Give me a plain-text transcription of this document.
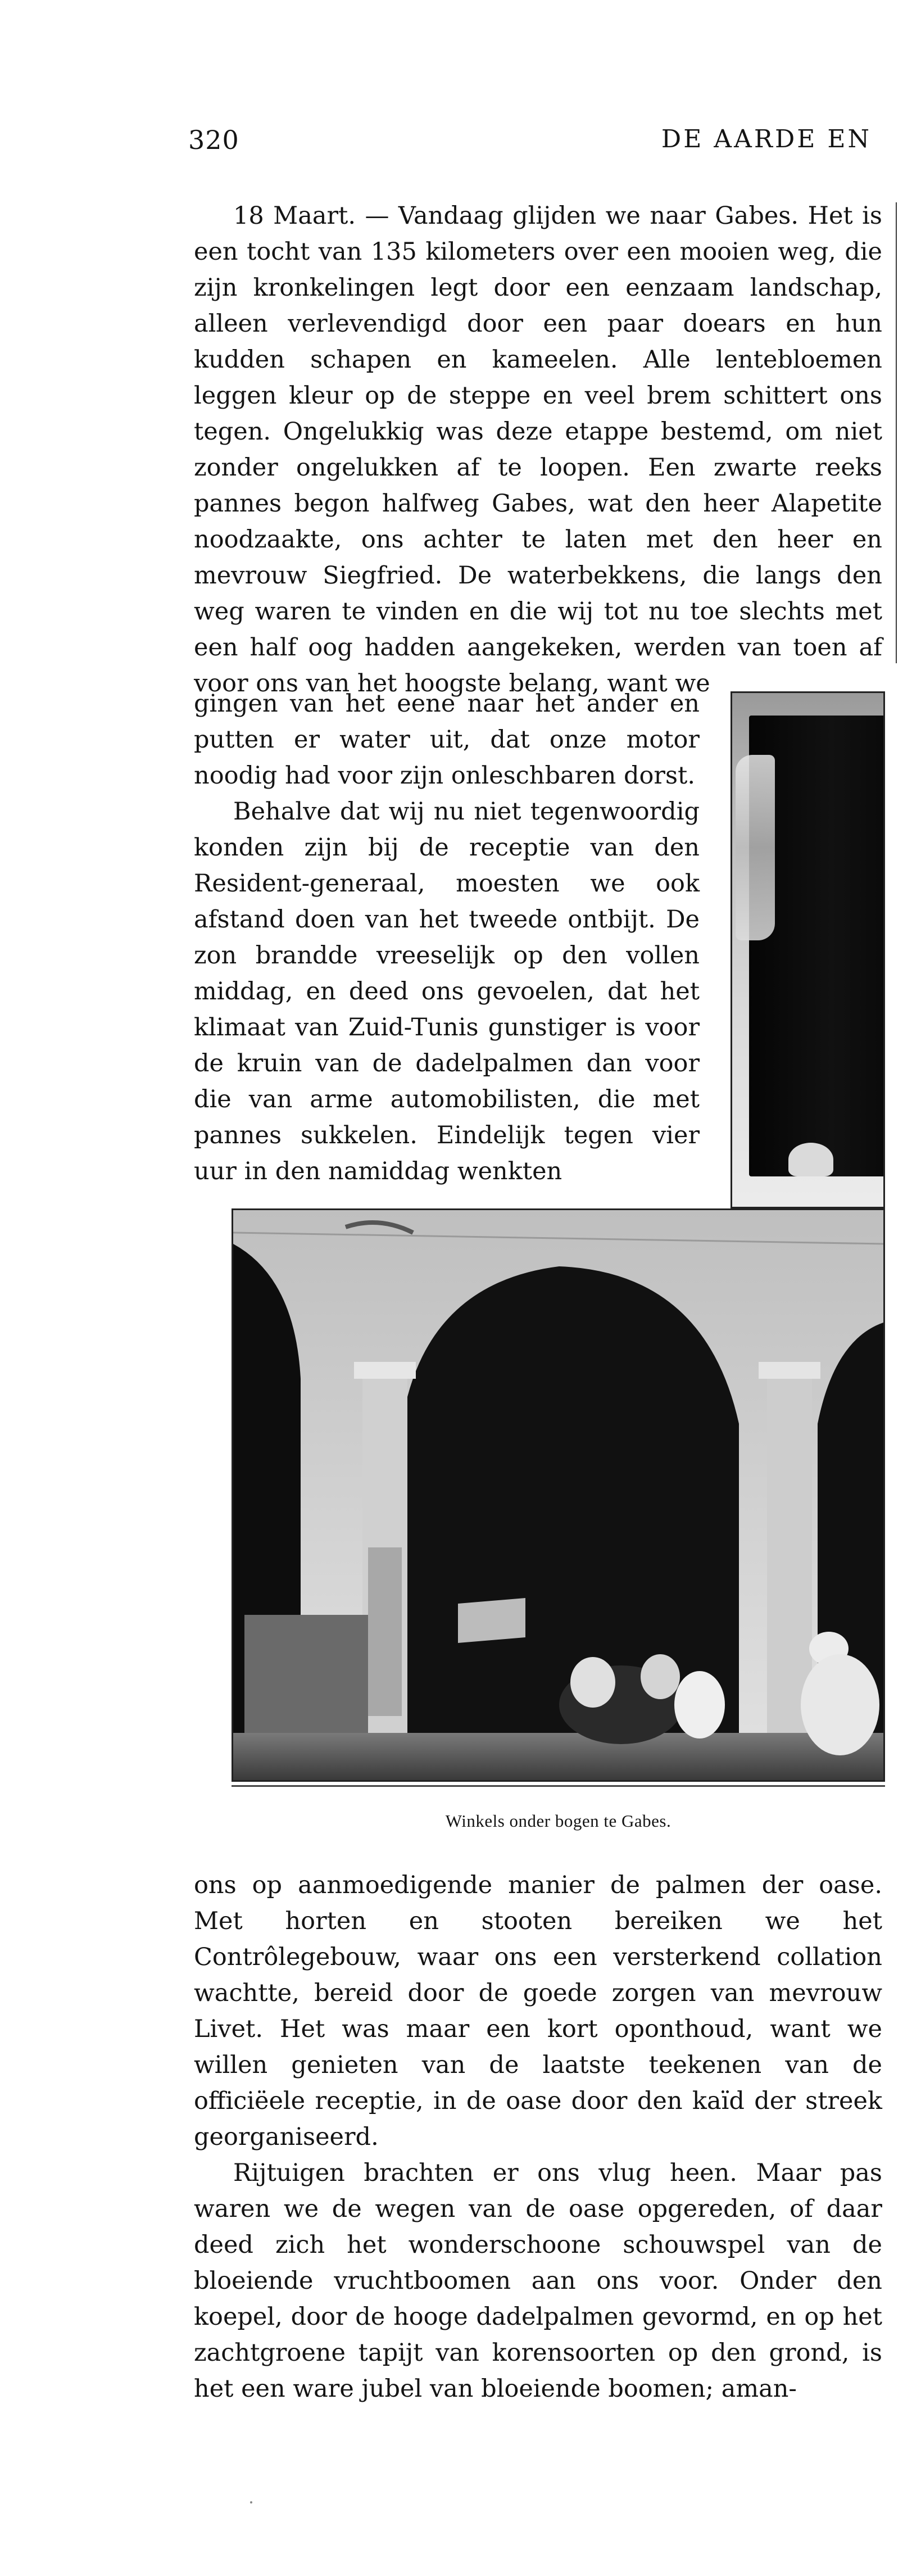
320	DE AARDE EN

18 Maart. — Vandaag glijden we naar Gabes. Het is een tocht van 135 kilometers over een mooien weg, die zijn kronkelingen legt door een eenzaam landschap, alleen verlevendigd door een paar doears en hun kudden schapen en kameelen. Alle lentebloemen leggen kleur op de steppe en veel brem schittert ons tegen. Ongelukkig was deze etappe bestemd, om niet zonder ongelukken af te loopen. Een zwarte reeks pannes begon halfweg Gabes, wat den heer Alapetite noodzaakte, ons achter te laten met den heer en mevrouw Siegfried. De waterbekkens, die langs den weg waren te vinden en die wij tot nu toe slechts met een half oog hadden aangekeken, werden van toen af voor ons van het hoogste belang, want we

gingen van het eene naar het ander en putten er water uit, dat onze motor noodig had voor zijn onleschbaren dorst.

Behalve dat wij nu niet tegenwoordig konden zijn bij de receptie van den Resident-generaal, moesten we ook afstand doen van het tweede ontbijt. De zon brandde vreeselijk op den vollen middag, en deed ons gevoelen, dat het klimaat van Zuid-Tunis gunstiger is voor de kruin van de dadelpalmen dan voor die van arme automobilisten, die met pannes sukkelen. Eindelijk tegen vier uur in den namiddag wenkten

Winkels onder bogen te Gabes.

ons op aanmoedigende manier de palmen der oase. Met horten en stooten bereiken we het Contrôlegebouw, waar ons een versterkend collation wachtte, bereid door de goede zorgen van mevrouw Livet. Het was maar een kort oponthoud, want we willen genieten van de laatste teekenen van de officiëele receptie, in de oase door den kaïd der streek georganiseerd.

Rijtuigen brachten er ons vlug heen. Maar pas waren we de wegen van de oase opgereden, of daar deed zich het wonderschoone schouwspel van de bloeiende vruchtboomen aan ons voor. Onder den koepel, door de hooge dadelpalmen gevormd, en op het zachtgroene tapijt van korensoorten op den grond, is het een ware jubel van bloeiende boomen; aman-
